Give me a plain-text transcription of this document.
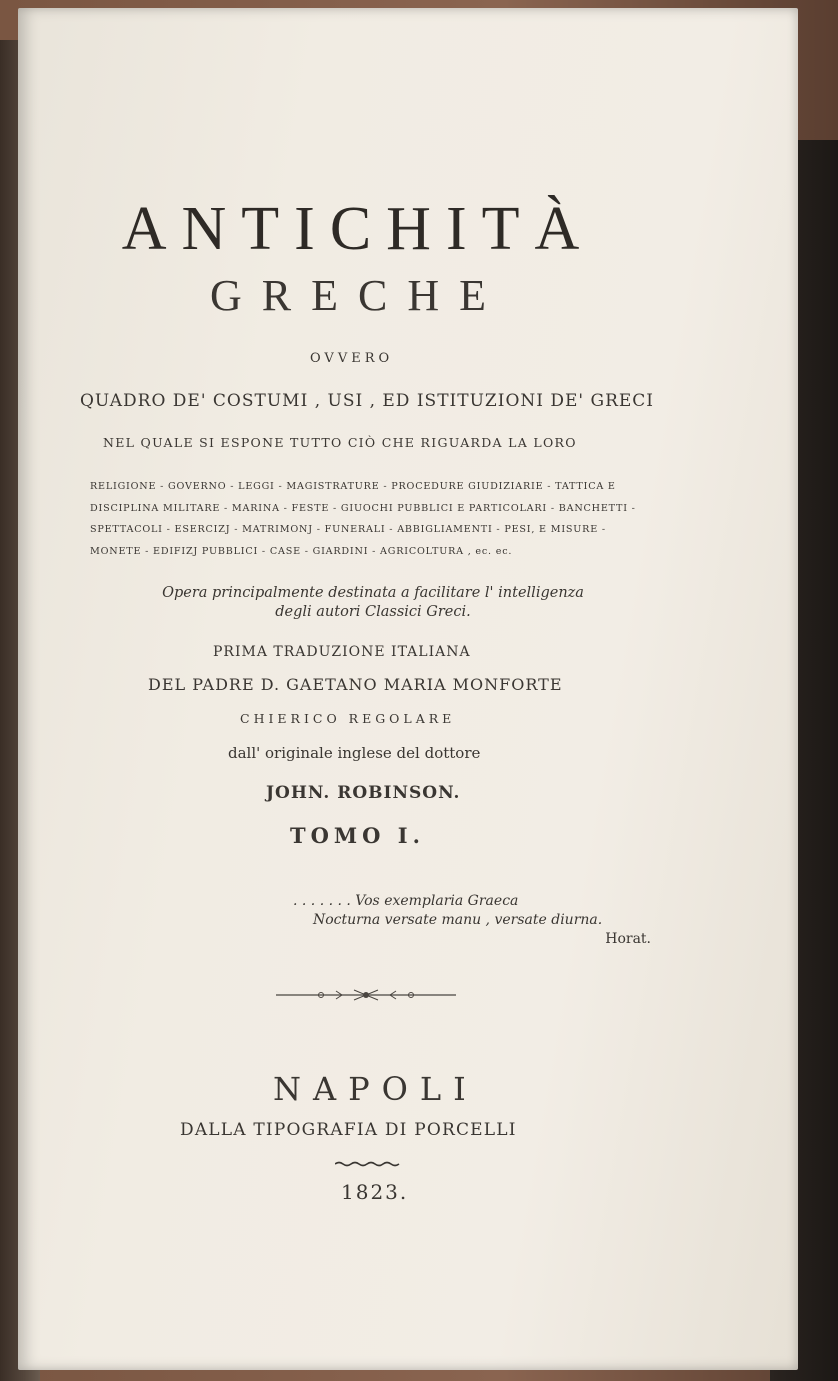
ANTICHITÀ
GRECHE
OVVERO
QUADRO DE' COSTUMI , USI , ED ISTITUZIONI DE' GRECI
NEL QUALE SI ESPONE TUTTO CIÒ CHE RIGUARDA LA LORO
RELIGIONE - GOVERNO - LEGGI - MAGISTRATURE - PROCEDURE GIUDIZIARIE - TATTICA E DISCIPLINA MILITARE - MARINA - FESTE - GIUOCHI PUBBLICI E PARTICOLARI - BANCHETTI - SPETTACOLI - ESERCIZJ - MATRIMONJ - FUNERALI - ABBIGLIAMENTI - PESI, E MISURE - MONETE - EDIFIZJ PUBBLICI - CASE - GIARDINI - AGRICOLTURA , ec. ec.
Opera principalmente destinata a facilitare l' intelligenza
degli autori Classici Greci.
PRIMA TRADUZIONE ITALIANA
DEL PADRE D. GAETANO MARIA MONFORTE
CHIERICO REGOLARE
dall' originale inglese del dottore
JOHN. ROBINSON.
TOMO I.
. . . . . . . Vos exemplaria Graeca
Nocturna versate manu , versate diurna.
Horat.
NAPOLI
DALLA TIPOGRAFIA DI PORCELLI
1823.
